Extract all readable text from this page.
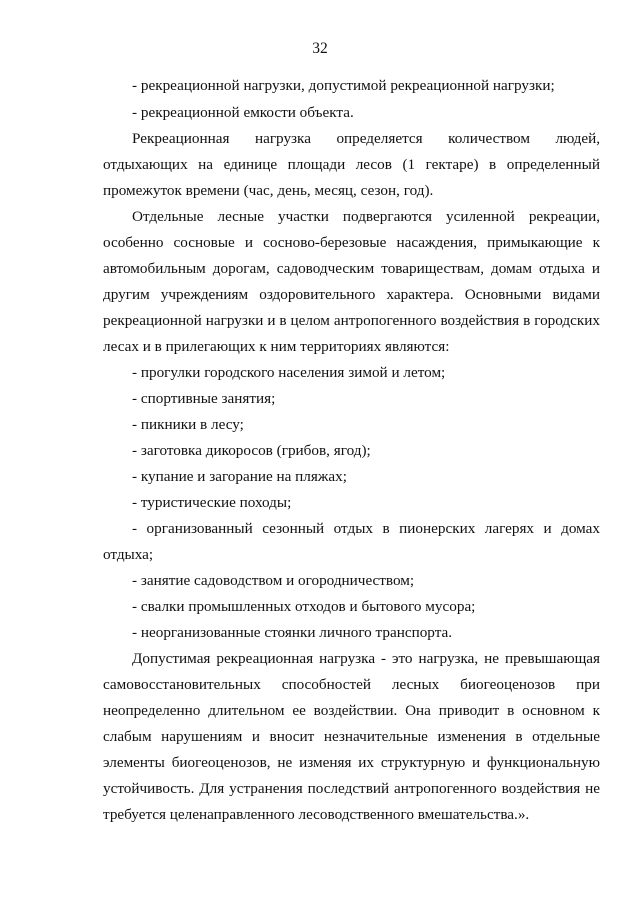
32
- рекреационной нагрузки, допустимой рекреационной нагрузки;
- рекреационной емкости объекта.
Рекреационная нагрузка определяется количеством людей,
отдыхающих на единице площади лесов (1 гектаре) в определенный
промежуток времени (час, день, месяц, сезон, год).
Отдельные лесные участки подвергаются усиленной рекреации,
особенно сосновые и сосново-березовые насаждения, примыкающие к
автомобильным дорогам, садоводческим товариществам, домам отдыха и
другим учреждениям оздоровительного характера. Основными видами
рекреационной нагрузки и в целом антропогенного воздействия в городских
лесах и в прилегающих к ним территориях являются:
- прогулки городского населения зимой и летом;
- спортивные занятия;
- пикники в лесу;
- заготовка дикоросов (грибов, ягод);
- купание и загорание на пляжах;
- туристические походы;
- организованный сезонный отдых в пионерских лагерях и домах
отдыха;
- занятие садоводством и огородничеством;
- свалки промышленных отходов и бытового мусора;
- неорганизованные стоянки личного транспорта.
Допустимая рекреационная нагрузка - это нагрузка, не превышающая
самовосстановительных способностей лесных биогеоценозов при
неопределенно длительном ее воздействии. Она приводит в основном к
слабым нарушениям и вносит незначительные изменения в отдельные
элементы биогеоценозов, не изменяя их структурную и функциональную
устойчивость. Для устранения последствий антропогенного воздействия не
требуется целенаправленного лесоводственного вмешательства.».
